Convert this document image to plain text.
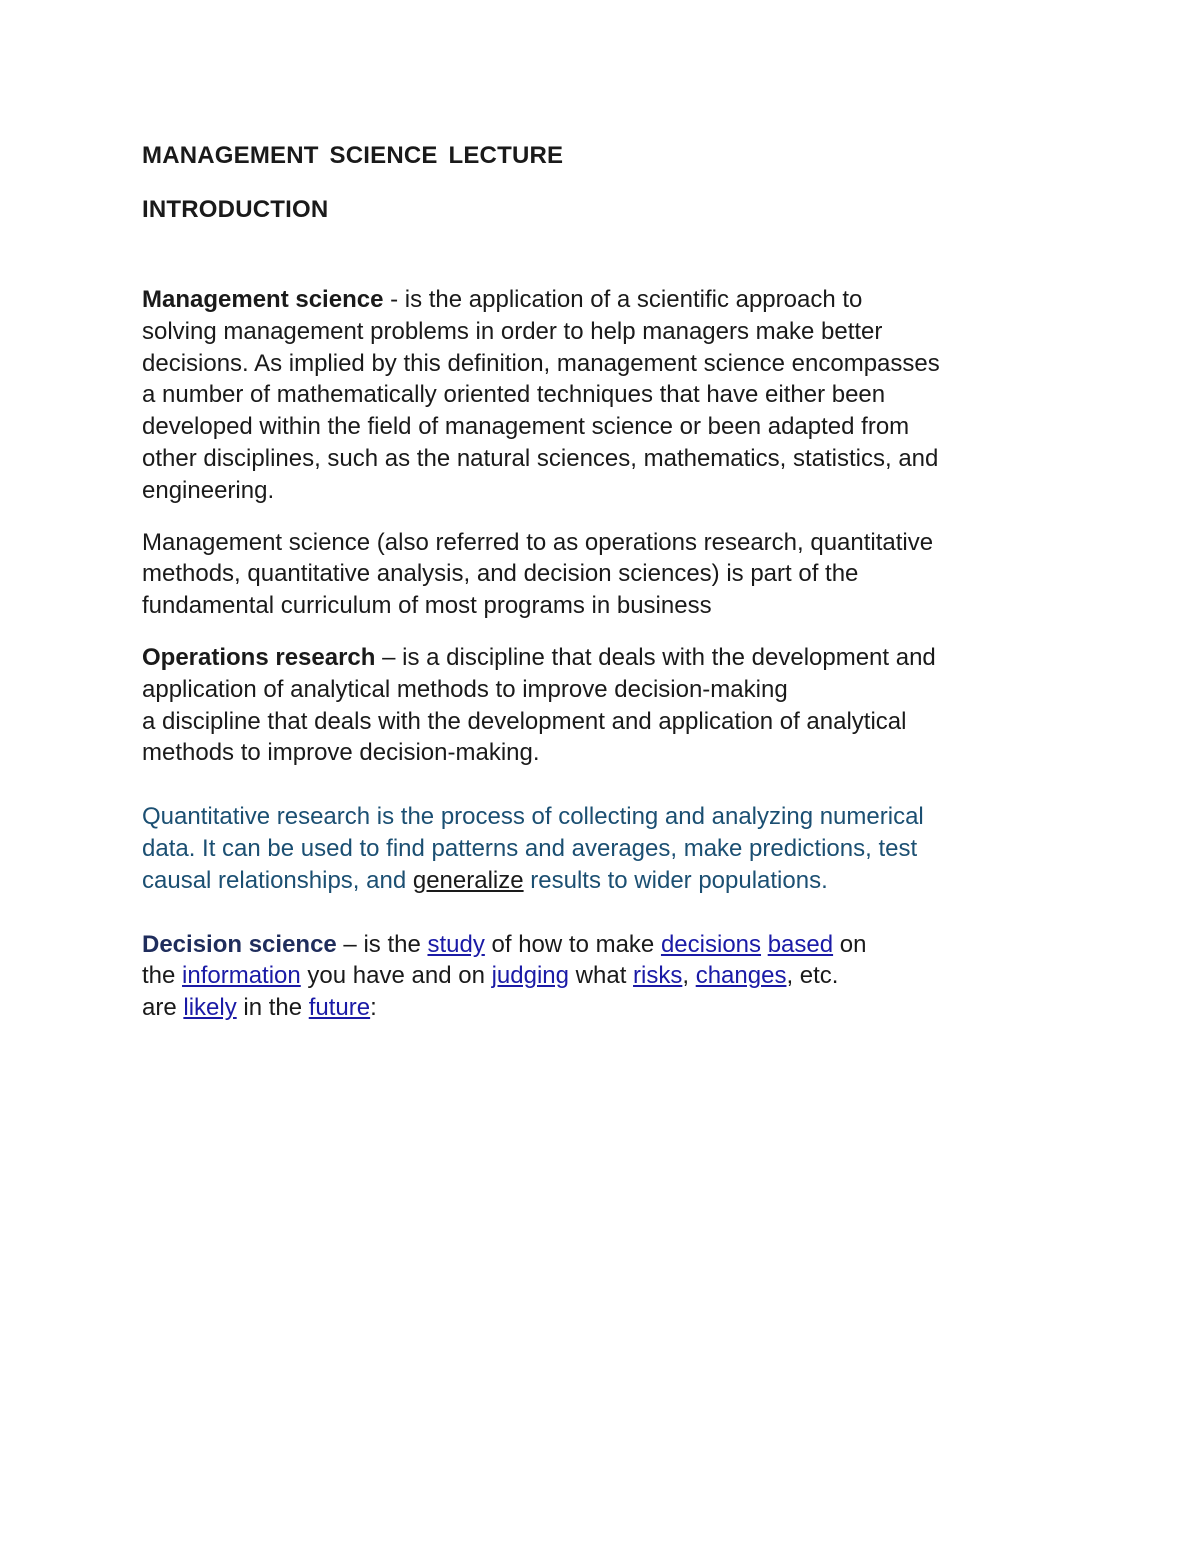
MANAGEMENT SCIENCE LECTURE

INTRODUCTION

Management science - is the application of a scientific approach to
solving management problems in order to help managers make better
decisions. As implied by this definition, management science encompasses
a number of mathematically oriented techniques that have either been
developed within the field of management science or been adapted from
other disciplines, such as the natural sciences, mathematics, statistics, and
engineering.

Management science (also referred to as operations research, quantitative
methods, quantitative analysis, and decision sciences) is part of the
fundamental curriculum of most programs in business

Operations research – is a discipline that deals with the development and
application of analytical methods to improve decision-making
a discipline that deals with the development and application of analytical
methods to improve decision-making.

Quantitative research is the process of collecting and analyzing numerical
data. It can be used to find patterns and averages, make predictions, test
causal relationships, and generalize results to wider populations.

Decision science – is the study of how to make decisions based on
the information you have and on judging what risks, changes, etc.
are likely in the future:
